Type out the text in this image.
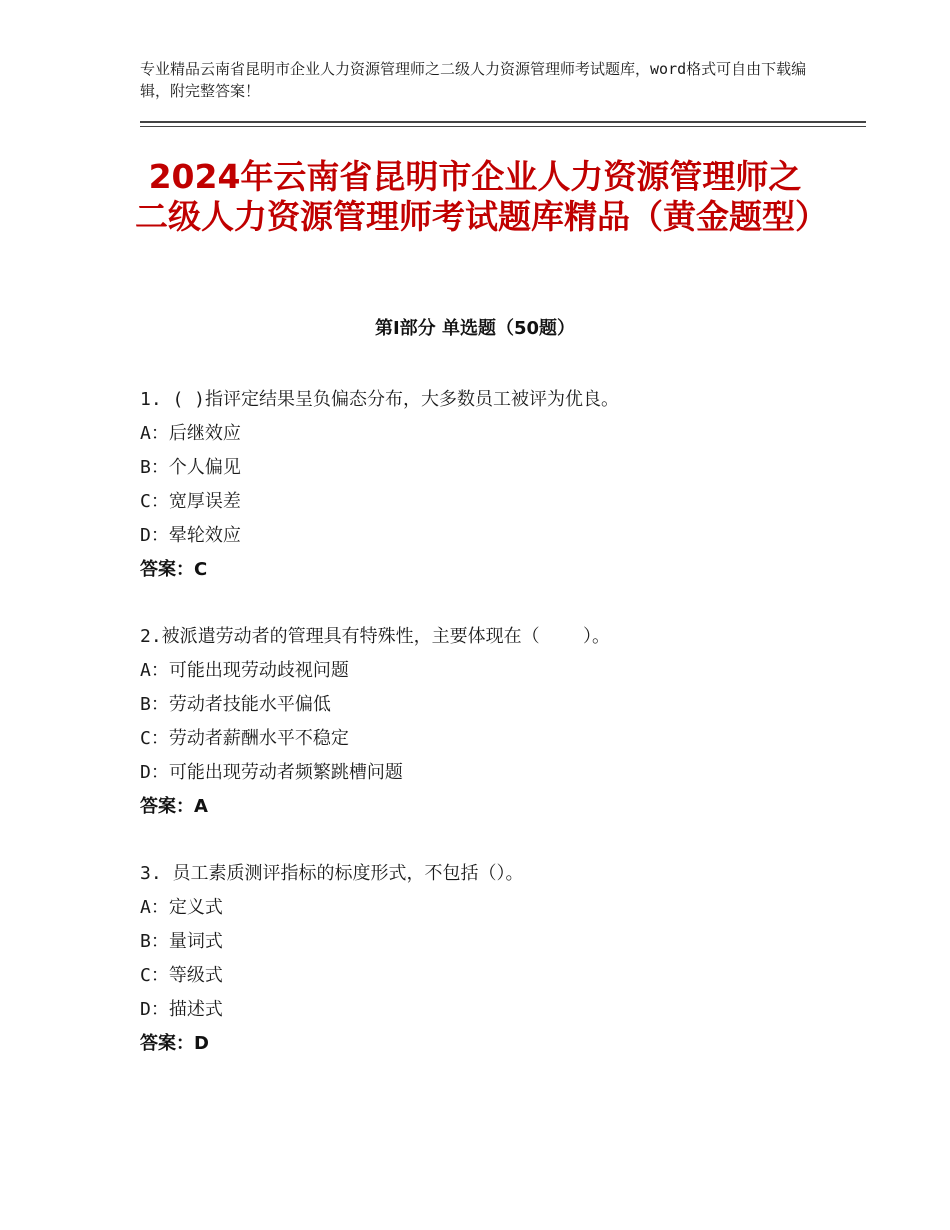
专业精品云南省昆明市企业人力资源管理师之二级人力资源管理师考试题库，word格式可自由下载编辑，附完整答案！
2024年云南省昆明市企业人力资源管理师之二级人力资源管理师考试题库精品（黄金题型）
第Ⅰ部分 单选题（50题）
1. ( )指评定结果呈负偏态分布，大多数员工被评为优良。
A：后继效应
B：个人偏见
C：宽厚误差
D：晕轮效应
答案：C
2.被派遣劳动者的管理具有特殊性，主要体现在（    ）。
A：可能出现劳动歧视问题
B：劳动者技能水平偏低
C：劳动者薪酬水平不稳定
D：可能出现劳动者频繁跳槽问题
答案：A
3. 员工素质测评指标的标度形式，不包括（）。
A：定义式
B：量词式
C：等级式
D：描述式
答案：D
